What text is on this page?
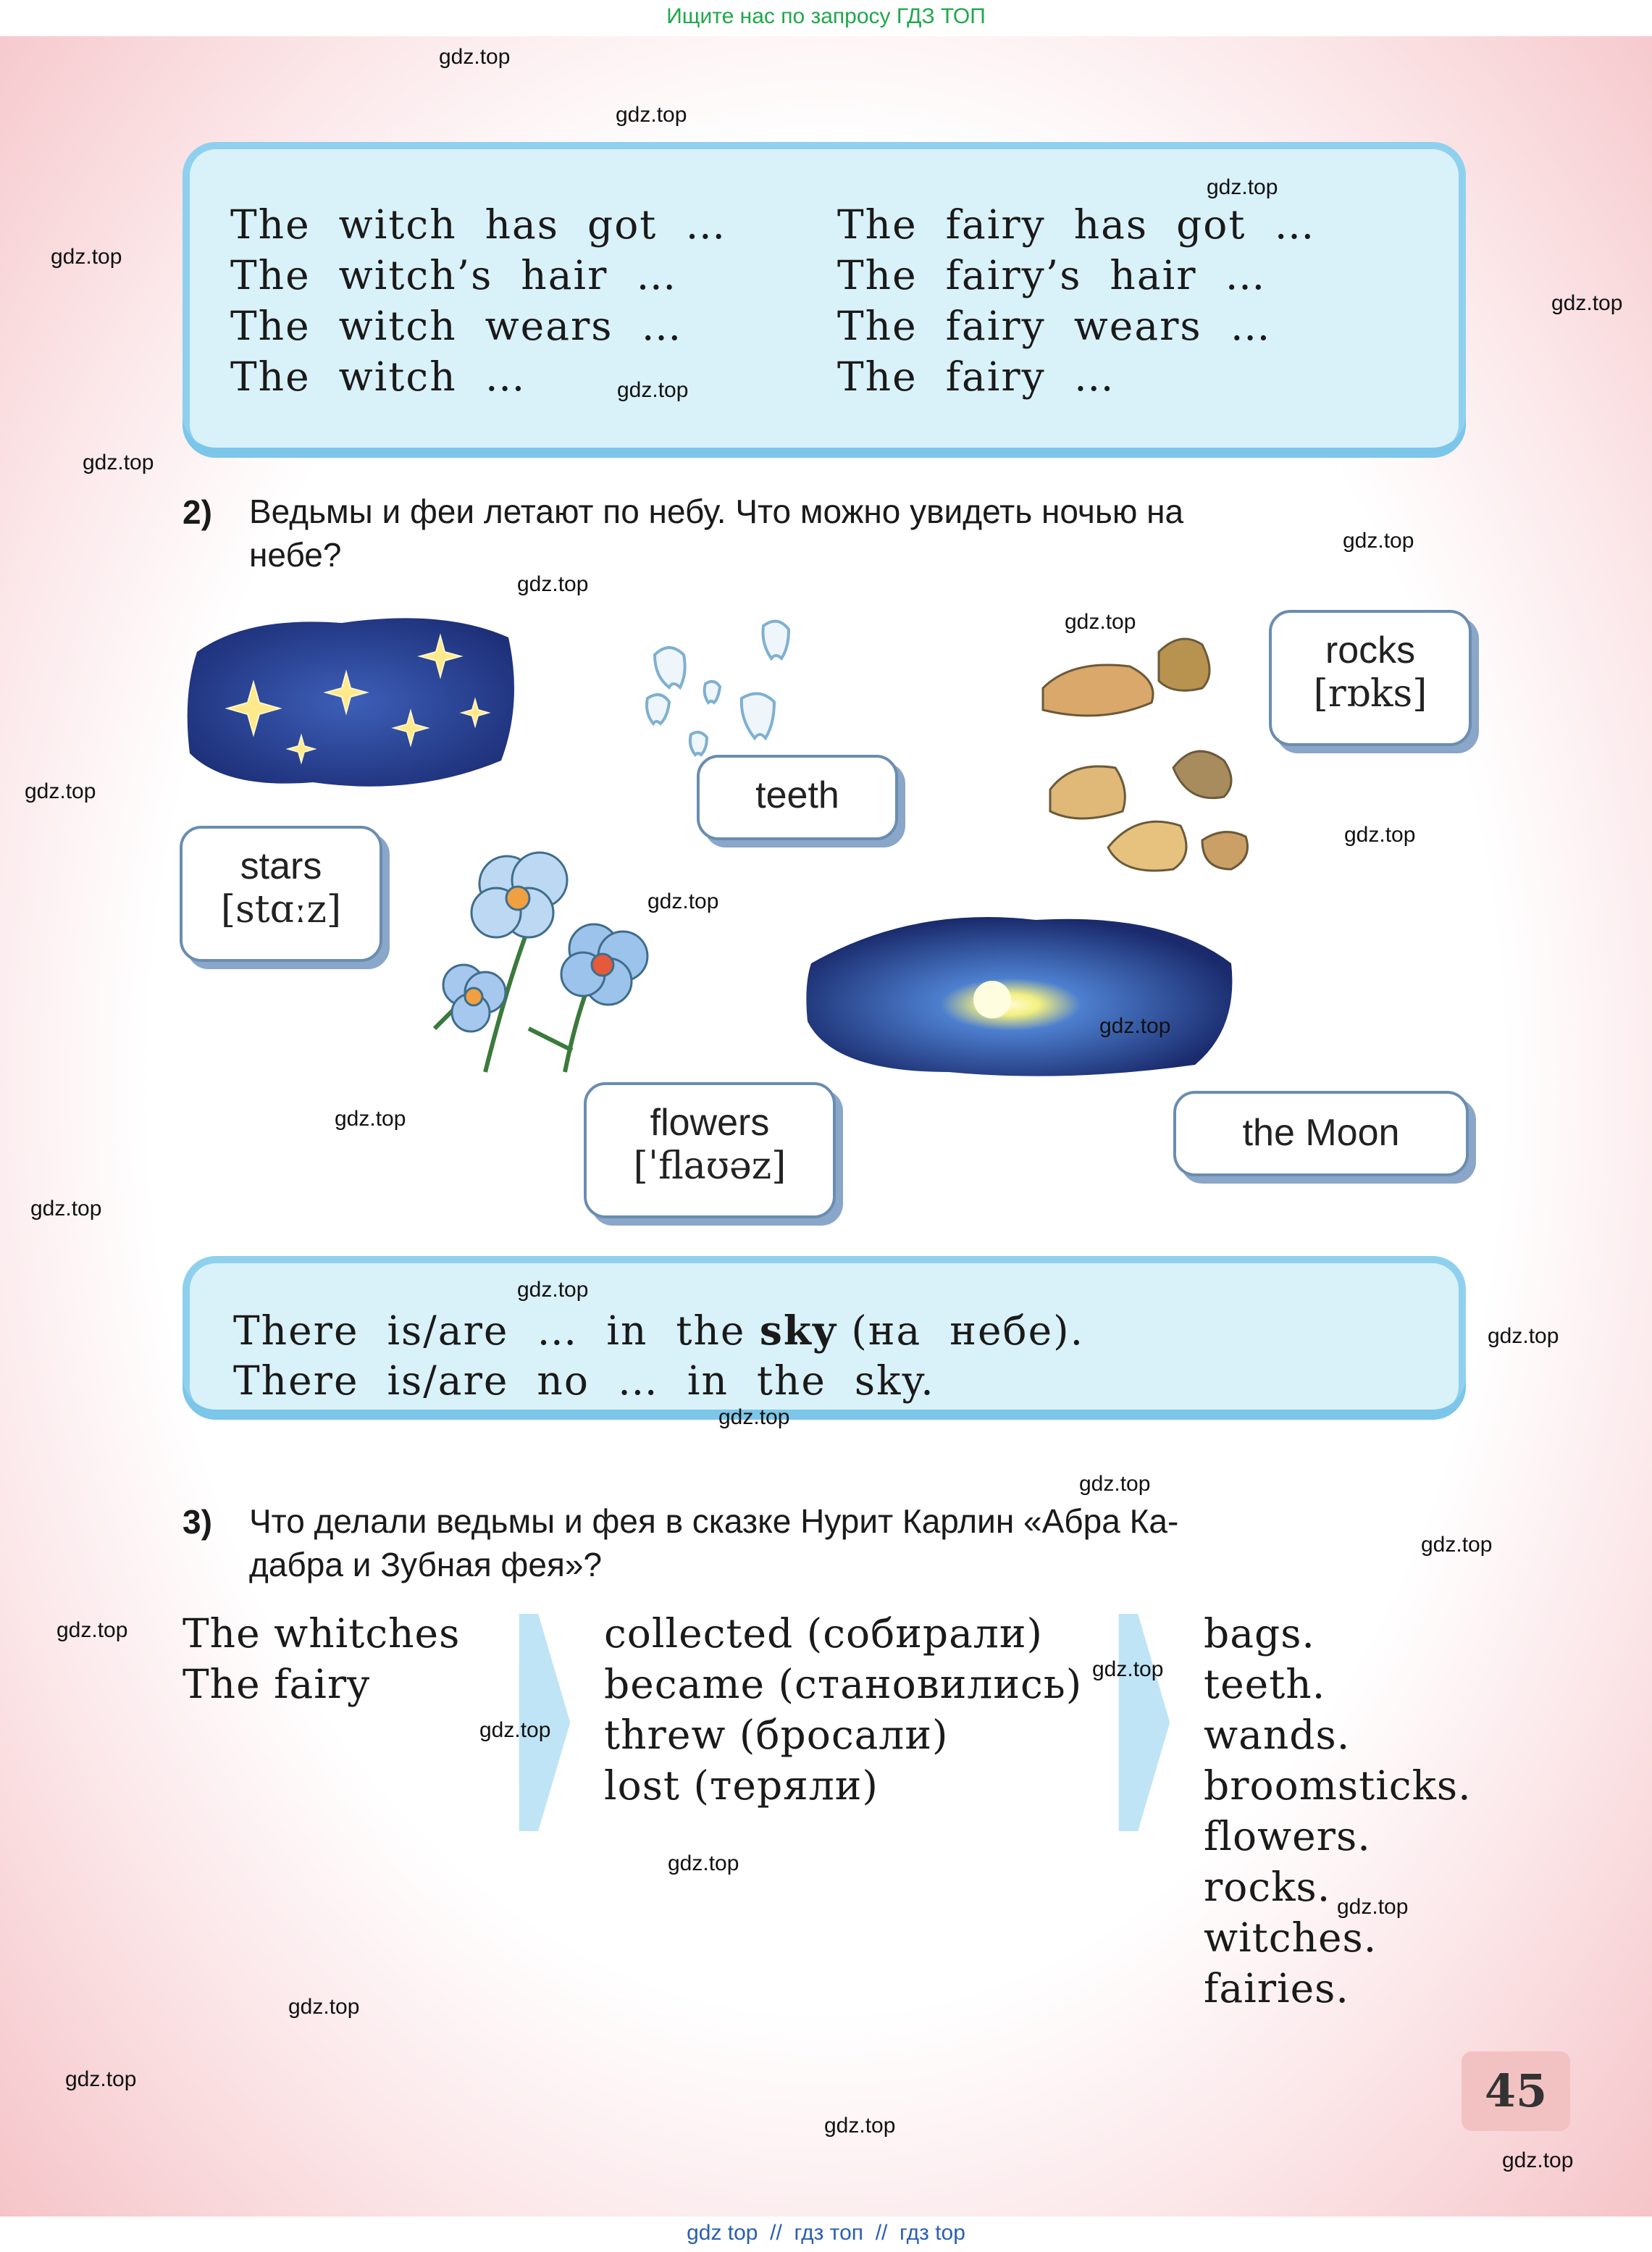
Ищите нас по запросу ГДЗ ТОП
The  witch  has  got  …
The  witch’s  hair  …
The  witch  wears  …
The  witch  …
The  fairy  has  got  …
The  fairy’s  hair  …
The  fairy  wears  …
The  fairy  …
2) Ведьмы и феи летают по небу. Что можно увидеть ночью на
небе?
rocks
[rɒks]
teeth
stars
[stɑːz]
flowers
[ˈflaʊəz]
the Moon
There  is/are  …  in  the sky (на  небе).
There  is/are  no  …  in  the  sky.
3) Что делали ведьмы и фея в сказке Нурит Карлин «Абра Ка-
дабра и Зубная фея»?
The whitches
The fairy
collected (собирали)
became (становились)
threw (бросали)
lost (теряли)
bags.
teeth.
wands.
broomsticks.
flowers.
rocks.
witches.
fairies.
45
gdz.top
gdz.top
gdz.top
gdz.top
gdz.top
gdz.top
gdz.top
gdz.top
gdz.top
gdz.top
gdz.top
gdz.top
gdz.top
gdz.top
gdz.top
gdz.top
gdz.top
gdz.top
gdz.top
gdz.top
gdz.top
gdz.top
gdz.top
gdz.top
gdz.top
gdz.top
gdz.top
gdz.top
gdz.top
gdz.top
gdz top  //  гдз топ  //  гдз top
